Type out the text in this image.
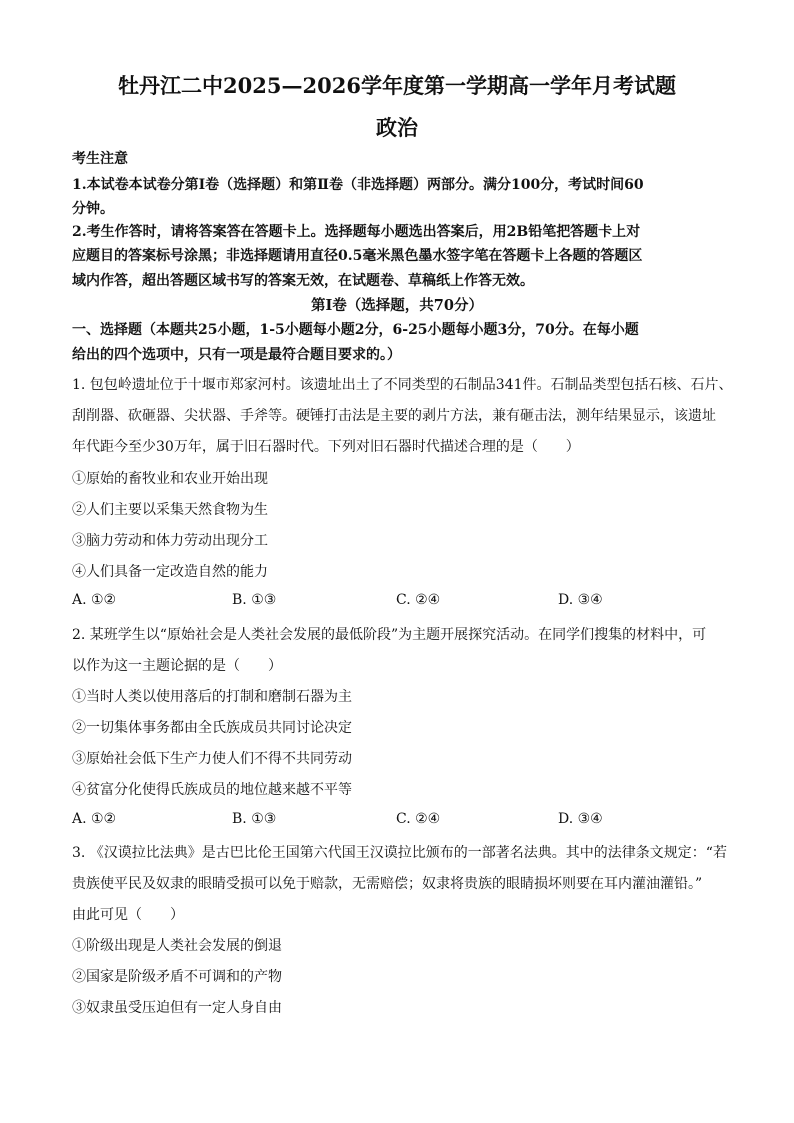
牡丹江二中2025—2026学年度第一学期高一学年月考试题
政治
考生注意
1.本试卷本试卷分第Ⅰ卷（选择题）和第Ⅱ卷（非选择题）两部分。满分100分，考试时间60
分钟。
2.考生作答时，请将答案答在答题卡上。选择题每小题选出答案后，用2B铅笔把答题卡上对
应题目的答案标号涂黑；非选择题请用直径0.5毫米黑色墨水签字笔在答题卡上各题的答题区
域内作答，超出答题区域书写的答案无效，在试题卷、草稿纸上作答无效。
第Ⅰ卷（选择题，共70分）
一、选择题（本题共25小题，1-5小题每小题2分，6-25小题每小题3分，70分。在每小题
给出的四个选项中，只有一项是最符合题目要求的。）
1. 包包岭遗址位于十堰市郑家河村。该遗址出土了不同类型的石制品341件。石制品类型包括石核、石片、
刮削器、砍砸器、尖状器、手斧等。硬锤打击法是主要的剥片方法，兼有砸击法，测年结果显示，该遗址
年代距今至少30万年，属于旧石器时代。下列对旧石器时代描述合理的是（　　）
①原始的畜牧业和农业开始出现
②人们主要以采集天然食物为生
③脑力劳动和体力劳动出现分工
④人们具备一定改造自然的能力
A. ①②	B. ①③	C. ②④	D. ③④
2. 某班学生以“原始社会是人类社会发展的最低阶段”为主题开展探究活动。在同学们搜集的材料中，可
以作为这一主题论据的是（　　）
①当时人类以使用落后的打制和磨制石器为主
②一切集体事务都由全氏族成员共同讨论决定
③原始社会低下生产力使人们不得不共同劳动
④贫富分化使得氏族成员的地位越来越不平等
A. ①②	B. ①③	C. ②④	D. ③④
3. 《汉谟拉比法典》是古巴比伦王国第六代国王汉谟拉比颁布的一部著名法典。其中的法律条文规定：“若
贵族使平民及奴隶的眼睛受损可以免于赔款，无需赔偿；奴隶将贵族的眼睛损坏则要在耳内灌油灌铅。”
由此可见（　　）
①阶级出现是人类社会发展的倒退
②国家是阶级矛盾不可调和的产物
③奴隶虽受压迫但有一定人身自由
